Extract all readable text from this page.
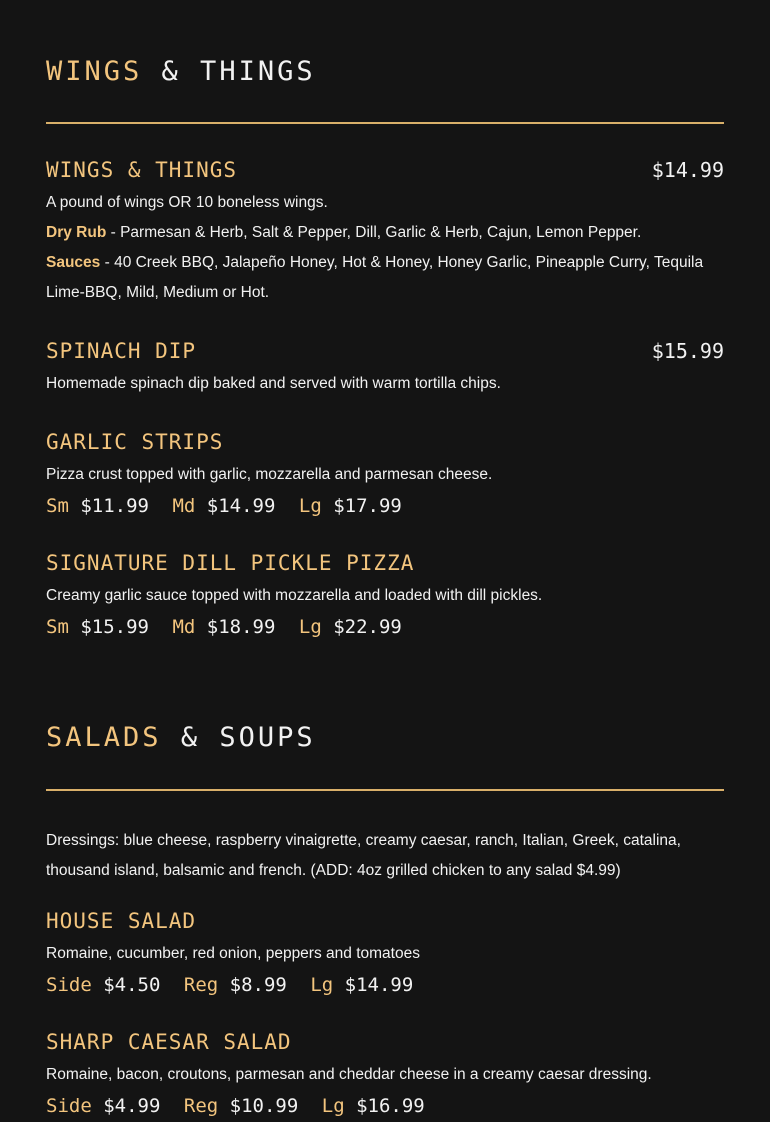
WINGS & THINGS
WINGS & THINGS	$14.99

A pound of wings OR 10 boneless wings.

Dry Rub - Parmesan & Herb, Salt & Pepper, Dill, Garlic & Herb, Cajun, Lemon Pepper.

Sauces - 40 Creek BBQ, Jalapeño Honey, Hot & Honey, Honey Garlic, Pineapple Curry, Tequila Lime-BBQ, Mild, Medium or Hot.

SPINACH DIP	$15.99

Homemade spinach dip baked and served with warm tortilla chips.

GARLIC STRIPS

Pizza crust topped with garlic, mozzarella and parmesan cheese.

Sm $11.99 Md $14.99 Lg $17.99
SIGNATURE DILL PICKLE PIZZA

Creamy garlic sauce topped with mozzarella and loaded with dill pickles.

Sm $15.99 Md $18.99 Lg $22.99
SALADS & SOUPS

Dressings: blue cheese, raspberry vinaigrette, creamy caesar, ranch, Italian, Greek, catalina, thousand island, balsamic and french. (ADD: 4oz grilled chicken to any salad $4.99)

HOUSE SALAD

Romaine, cucumber, red onion, peppers and tomatoes

Side $4.50 Reg $8.99 Lg $14.99
SHARP CAESAR SALAD

Romaine, bacon, croutons, parmesan and cheddar cheese in a creamy caesar dressing.

Side $4.99 Reg $10.99 Lg $16.99
